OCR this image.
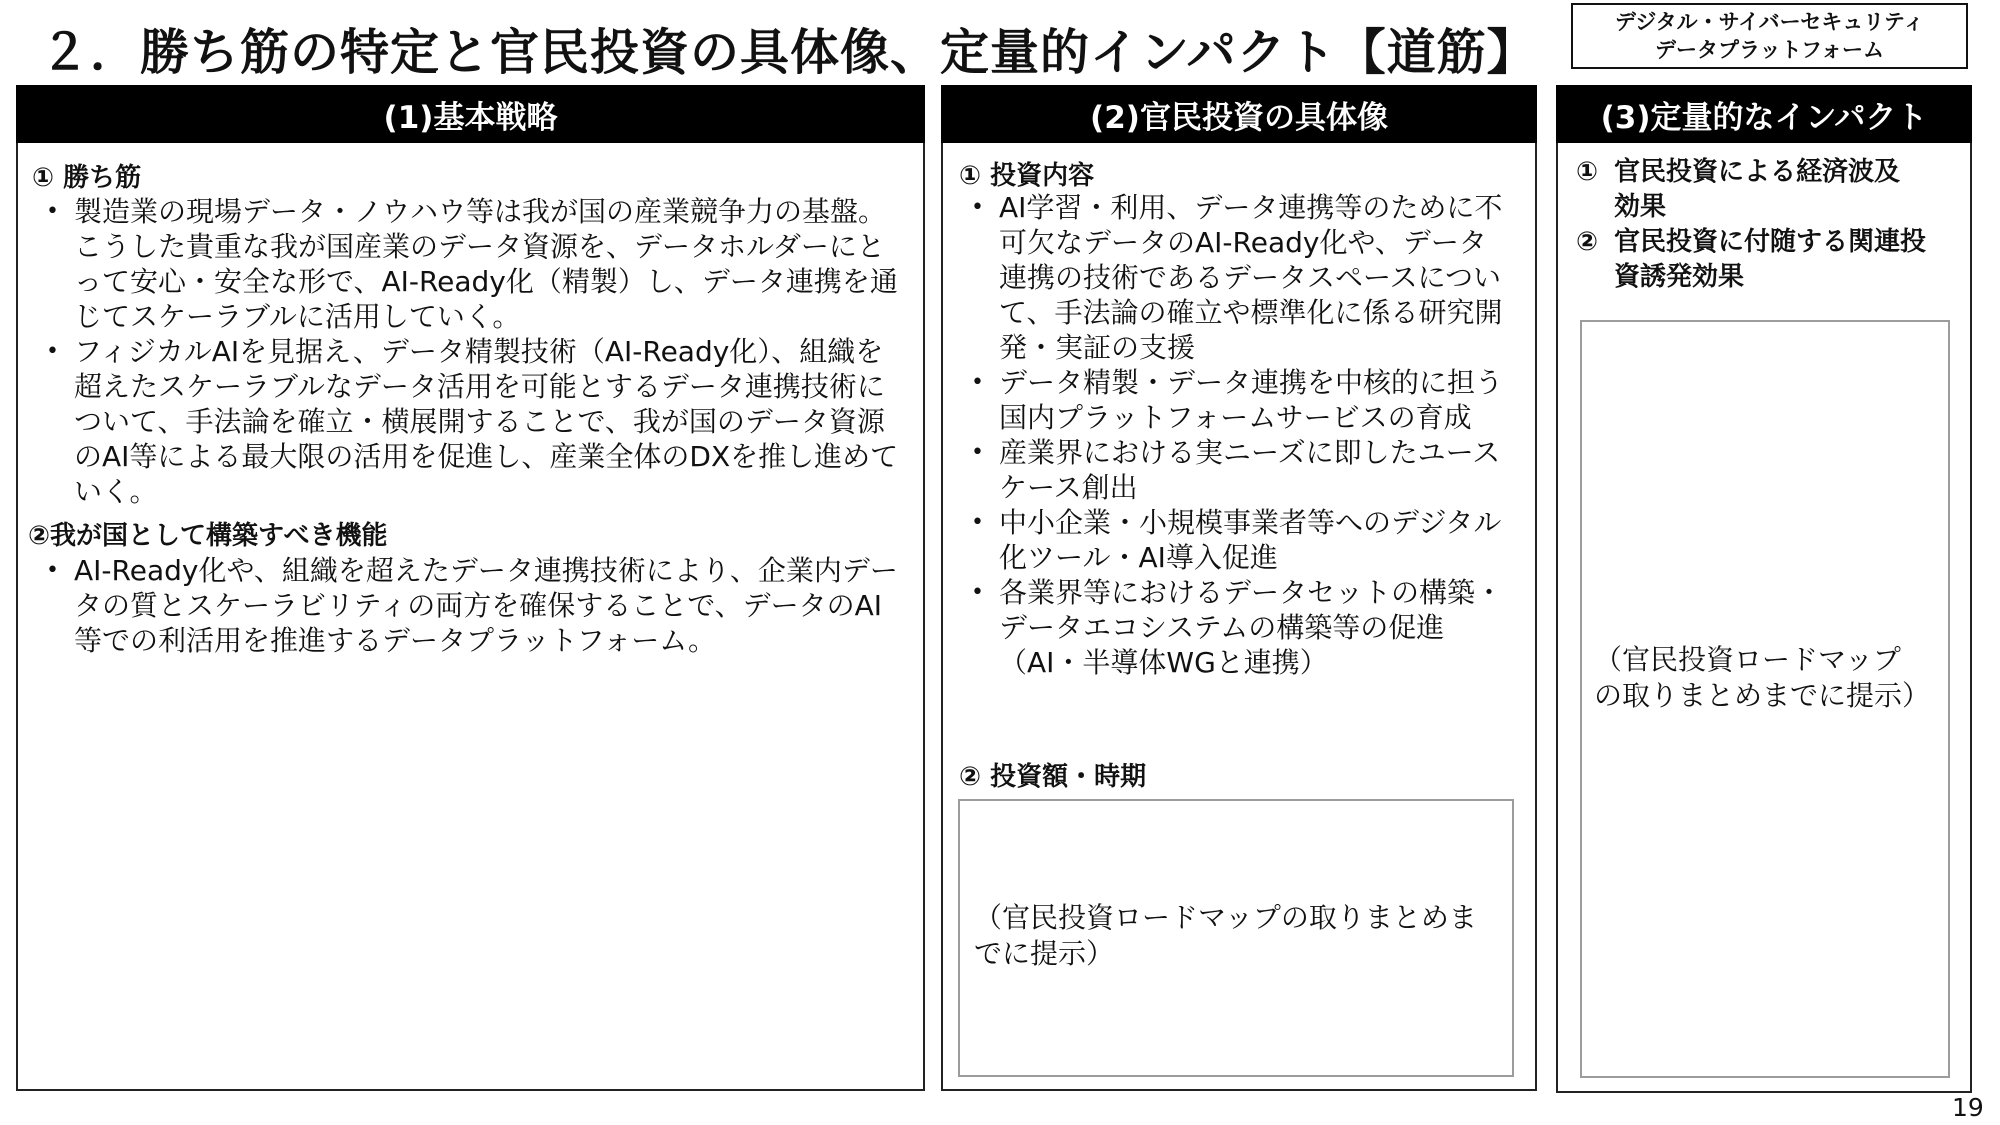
２．勝ち筋の特定と官民投資の具体像、定量的インパクト【道筋】
デジタル・サイバーセキュリティ
データプラットフォーム
(1)基本戦略
① 勝ち筋
• 製造業の現場データ・ノウハウ等は我が国の産業競争力の基盤。こうした貴重な我が国産業のデータ資源を、データホルダーにとって安心・安全な形で、AI-Ready化（精製）し、データ連携を通じてスケーラブルに活用していく。
• フィジカルAIを見据え、データ精製技術（AI-Ready化）、組織を超えたスケーラブルなデータ活用を可能とするデータ連携技術について、手法論を確立・横展開することで、我が国のデータ資源のAI等による最大限の活用を促進し、産業全体のDXを推し進めていく。
②我が国として構築すべき機能
• AI-Ready化や、組織を超えたデータ連携技術により、企業内データの質とスケーラビリティの両方を確保することで、データのAI等での利活用を推進するデータプラットフォーム。
(2)官民投資の具体像
① 投資内容
• AI学習・利用、データ連携等のために不可欠なデータのAI-Ready化や、データ連携の技術であるデータスペースについて、手法論の確立や標準化に係る研究開発・実証の支援
• データ精製・データ連携を中核的に担う国内プラットフォームサービスの育成
• 産業界における実ニーズに即したユースケース創出
• 中小企業・小規模事業者等へのデジタル化ツール・AI導入促進
• 各業界等におけるデータセットの構築・データエコシステムの構築等の促進（AI・半導体WGと連携）
② 投資額・時期
（官民投資ロードマップの取りまとめまでに提示）
(3)定量的なインパクト
① 官民投資による経済波及効果
② 官民投資に付随する関連投資誘発効果
（官民投資ロードマップの取りまとめまでに提示）
19
